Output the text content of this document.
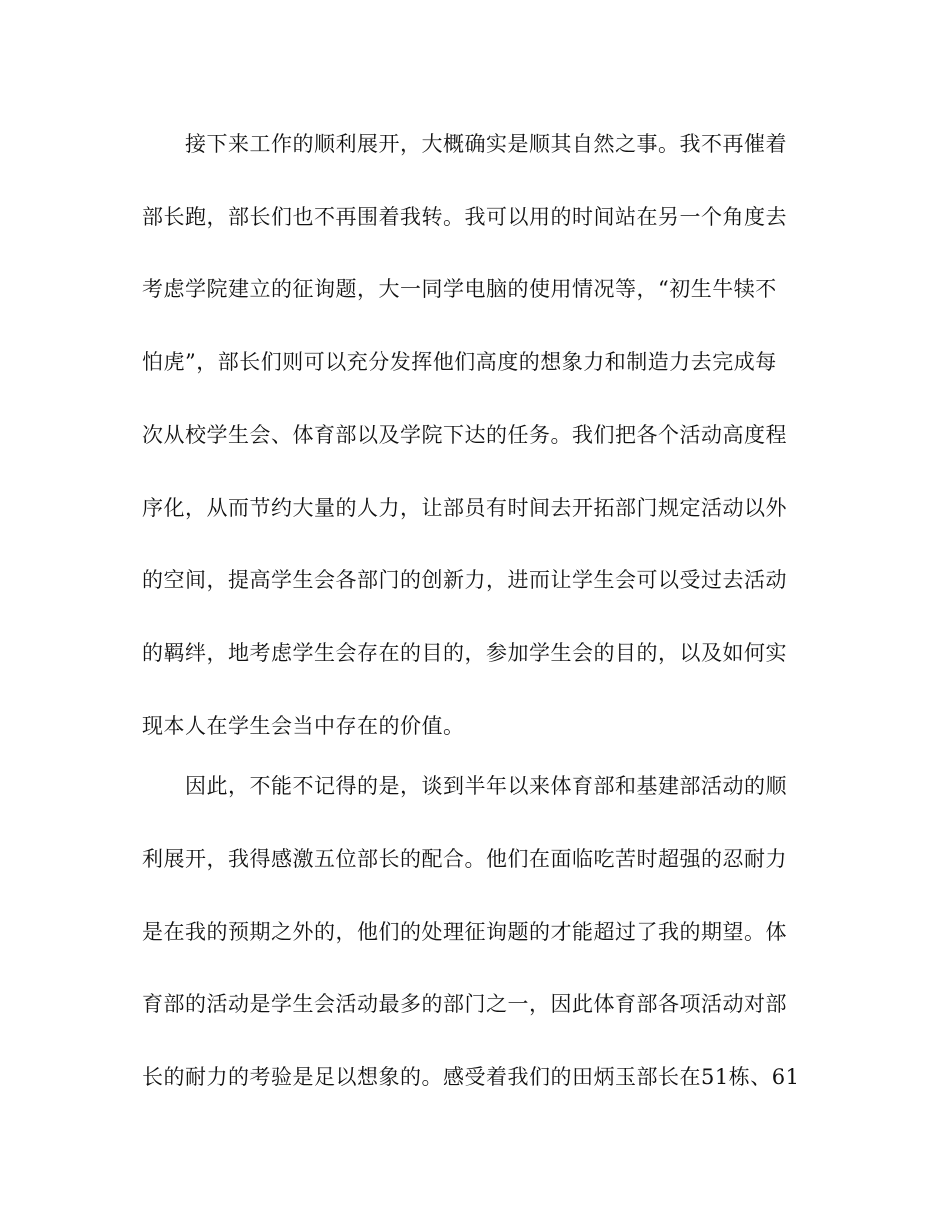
接下来工作的顺利展开，大概确实是顺其自然之事。我不再催着

部长跑，部长们也不再围着我转。我可以用的时间站在另一个角度去

考虑学院建立的征询题，大一同学电脑的使用情况等，“初生牛犊不

怕虎”，部长们则可以充分发挥他们高度的想象力和制造力去完成每

次从校学生会、体育部以及学院下达的任务。我们把各个活动高度程

序化，从而节约大量的人力，让部员有时间去开拓部门规定活动以外

的空间，提高学生会各部门的创新力，进而让学生会可以受过去活动

的羁绊，地考虑学生会存在的目的，参加学生会的目的，以及如何实

现本人在学生会当中存在的价值。

因此，不能不记得的是，谈到半年以来体育部和基建部活动的顺

利展开，我得感激五位部长的配合。他们在面临吃苦时超强的忍耐力

是在我的预期之外的，他们的处理征询题的才能超过了我的期望。体

育部的活动是学生会活动最多的部门之一，因此体育部各项活动对部

长的耐力的考验是足以想象的。感受着我们的田炳玉部长在51栋、61
